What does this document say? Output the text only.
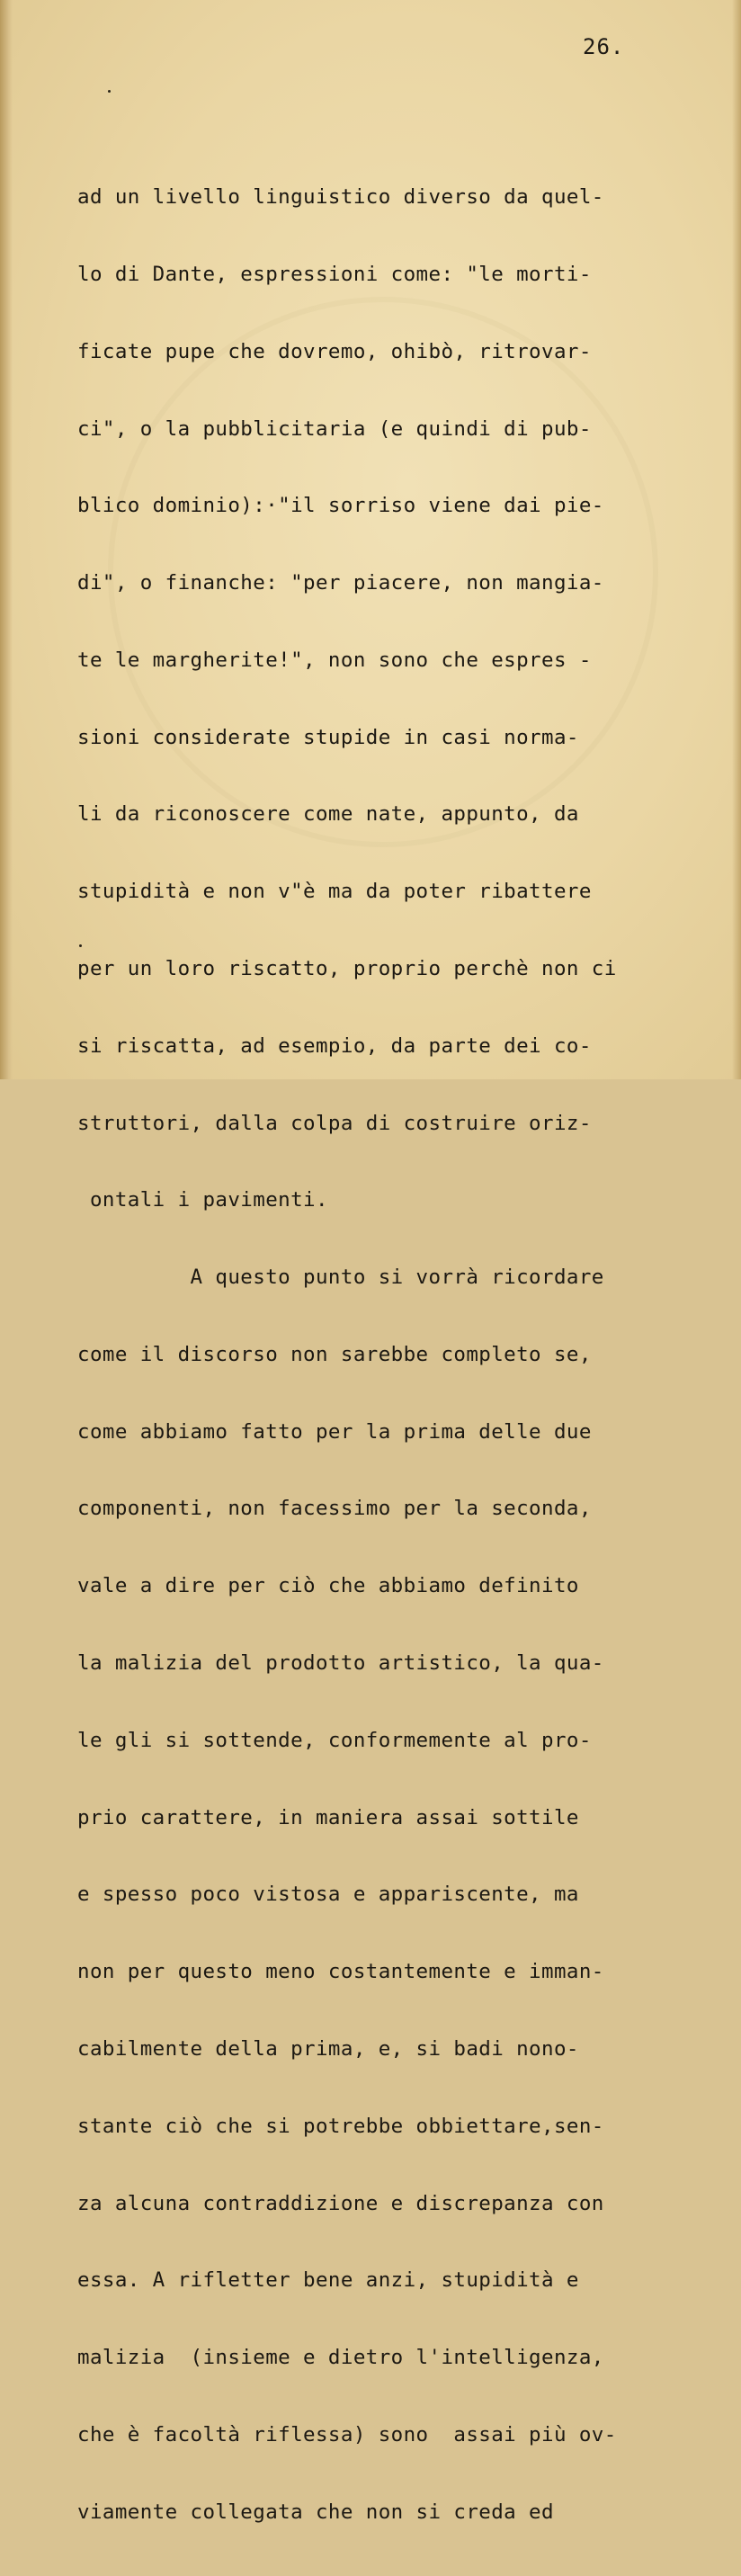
26.

ad un livello linguistico diverso da quel-

lo di Dante, espressioni come: "le morti-

ficate pupe che dovremo, ohibò, ritrovar-

ci", o la pubblicitaria (e quindi di pub-

blico dominio):·"il sorriso viene dai pie-

di", o finanche: "per piacere, non mangia-

te le margherite!", non sono che espres -

sioni considerate stupide in casi norma-

li da riconoscere come nate, appunto, da

stupidità e non v"è ma da poter ribattere

per un loro riscatto, proprio perchè non ci

si riscatta, ad esempio, da parte dei co-

struttori, dalla colpa di costruire oriz-

ontali i pavimenti.

A questo punto si vorrà ricordare

come il discorso non sarebbe completo se,

come abbiamo fatto per la prima delle due

componenti, non facessimo per la seconda,

vale a dire per ciò che abbiamo definito

la malizia del prodotto artistico, la qua-

le gli si sottende, conformemente al pro-

prio carattere, in maniera assai sottile

e spesso poco vistosa e appariscente, ma

non per questo meno costantemente e imman-

cabilmente della prima, e, si badi nono-

stante ciò che si potrebbe obbiettare,sen-

za alcuna contraddizione e discrepanza con

essa. A rifletter bene anzi, stupidità e

malizia  (insieme e dietro l'intelligenza,

che è facoltà riflessa) sono  assai più ov-

viamente collegata che non si creda ed
